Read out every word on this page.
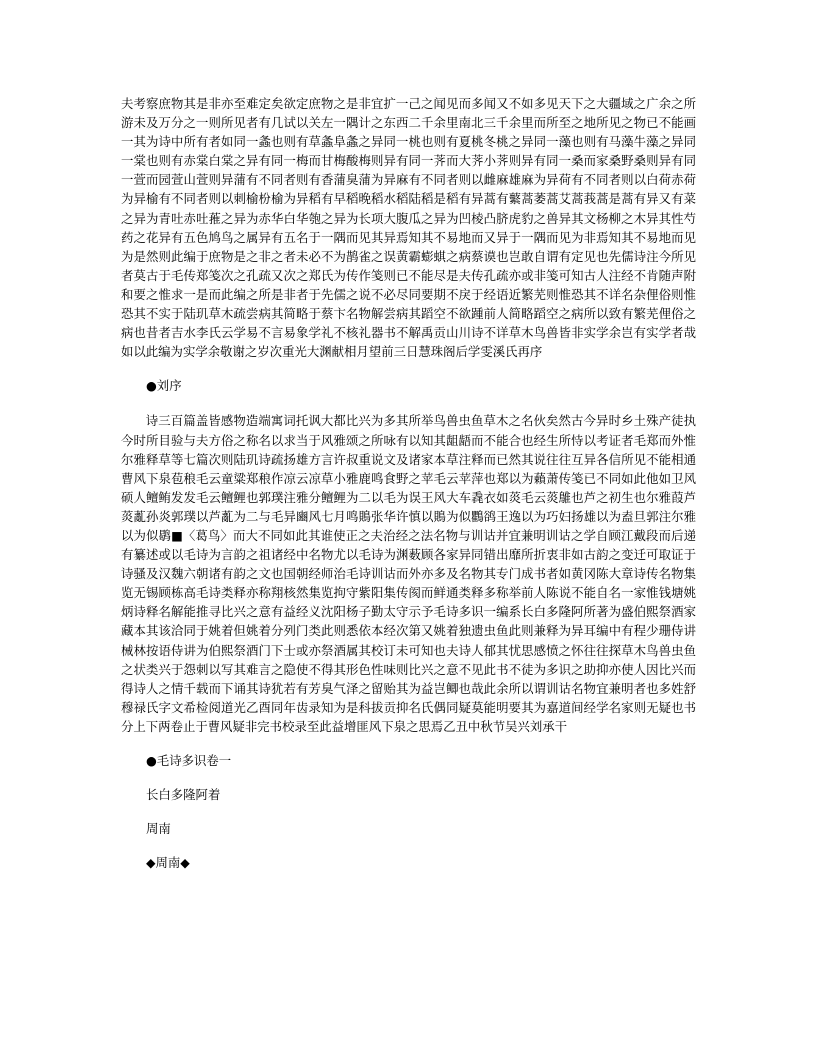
夫考察庶物其是非亦至难定矣欲定庶物之是非宜扩一己之闻见而多闻又不如多见天下之大疆域之广余之所游未及万分之一则所见者有几试以关左一隅计之东西二千余里南北三千余里而所至之地所见之物已不能画一其为诗中所有者如同一螽也则有草螽阜螽之异同一桃也则有夏桃冬桃之异同一藻也则有马藻牛藻之异同一棠也则有赤棠白棠之异有同一梅而甘梅酸梅则异有同一荠而大荠小荠则异有同一桑而家桑野桑则异有同一萱而园萱山萱则异蒲有不同者则有香蒲臭蒲为异麻有不同者则以雌麻雄麻为异荷有不同者则以白荷赤荷为异榆有不同者则以刺榆枌榆为异稻有早稻晚稻水稻陆稻是稻有异蒿有蘩蒿萎蒿艾蒿莪蒿是蒿有异又有菜之异为青吐赤吐蓷之异为赤华白华匏之异为长项大腹瓜之异为凹棱凸脐虎豹之兽异其文杨柳之木异其性芍药之花异有五色鸠鸟之属异有五名于一隅而见其异焉知其不易地而又异于一隅而见为非焉知其不易地而见为是然则此编于庶物是之非之者未必不为鹊雀之误黄霸蟛蜞之病蔡谟也岂敢自谓有定见也先儒诗注今所见者莫古于毛传郑笺次之孔疏又次之郑氏为传作笺则已不能尽是夫传孔疏亦或非笺可知古人注经不肯随声附和要之惟求一是而此编之所是非者于先儒之说不必尽同要期不戾于经语近繁芜则惟恐其不详名杂俚俗则惟恐其不实于陆玑草木疏尝病其简略于蔡卞名物解尝病其蹈空不欲踵前人简略蹈空之病所以致有繁芜俚俗之病也昔者吉水李氏云学易不言易象学礼不核礼器书不解禹贡山川诗不详草木鸟兽皆非实学余岂有实学者哉如以此编为实学余敬谢之岁次重光大渊献相月望前三日慧珠阁后学雯溪氏再序

●刘序

诗三百篇盖皆感物造端寓词托讽大都比兴为多其所举鸟兽虫鱼草木之名伙矣然古今异时乡土殊产徒执今时所目验与夫方俗之称名以求当于风雅颂之所咏有以知其龃龉而不能合也经生所恃以考证者毛郑而外惟尔雅释草等七篇次则陆玑诗疏扬雄方言许叔重说文及诸家本草注释而已然其说往往互异各信所见不能相通曹风下泉苞稂毛云童粱郑稂作凉云凉草小雅鹿鸣食野之苹毛云苹萍也郑以为藾萧传笺已不同如此他如卫风硕人鳣鲔发发毛云鳣鲤也郭璞注雅分鳣鲤为二以毛为误王风大车毳衣如菼毛云菼鵻也芦之初生也尔雅葭芦菼薍孙炎郭璞以芦薍为二与毛异豳风七月鸣鵙张华许慎以鵙为似鸜鹆王逸以为巧妇扬雄以为盍旦郭注尔雅以为似鹖■〈葛鸟〉而大不同如此其谁使正之夫治经之法名物与训诂并宜兼明训诂之学自顾江戴段而后递有纂述或以毛诗为言韵之祖诸经中名物尤以毛诗为渊薮顾各家异同错出靡所折衷非如古韵之变迁可取证于诗骚及汉魏六朝诸有韵之文也国朝经师治毛诗训诂而外亦多及名物其专门成书者如黄冈陈大章诗传名物集览无锡顾栋高毛诗类释亦称翔核然集览拘守紫阳集传阂而鲜通类释多称举前人陈说不能自名一家惟钱塘姚炳诗释名解能推寻比兴之意有益经义沈阳杨子勤太守示予毛诗多识一编系长白多隆阿所著为盛伯熙祭酒家藏本其该洽同于姚着但姚着分列门类此则悉依本经次第又姚着独遗虫鱼此则兼释为异耳编中有程少珊侍讲械林按语侍讲为伯熙祭酒门下士或亦祭酒属其校订未可知也夫诗人郁其忧思感愤之怀往往探草木鸟兽虫鱼之状类兴于怨刺以写其难言之隐使不得其形色性味则比兴之意不见此书不徒为多识之助抑亦使人因比兴而得诗人之情千载而下诵其诗犹若有芳臭气泽之留贻其为益岂鲫也哉此余所以谓训诂名物宜兼明者也多姓舒穆禄氏字文希检阅道光乙酉同年齿录知为是科拔贡抑名氏偶同疑莫能明要其为嘉道间经学名家则无疑也书分上下两卷止于曹风疑非完书校录至此益增匪风下泉之思焉乙丑中秋节吴兴刘承干

●毛诗多识卷一

长白多隆阿着

周南

◆周南◆
